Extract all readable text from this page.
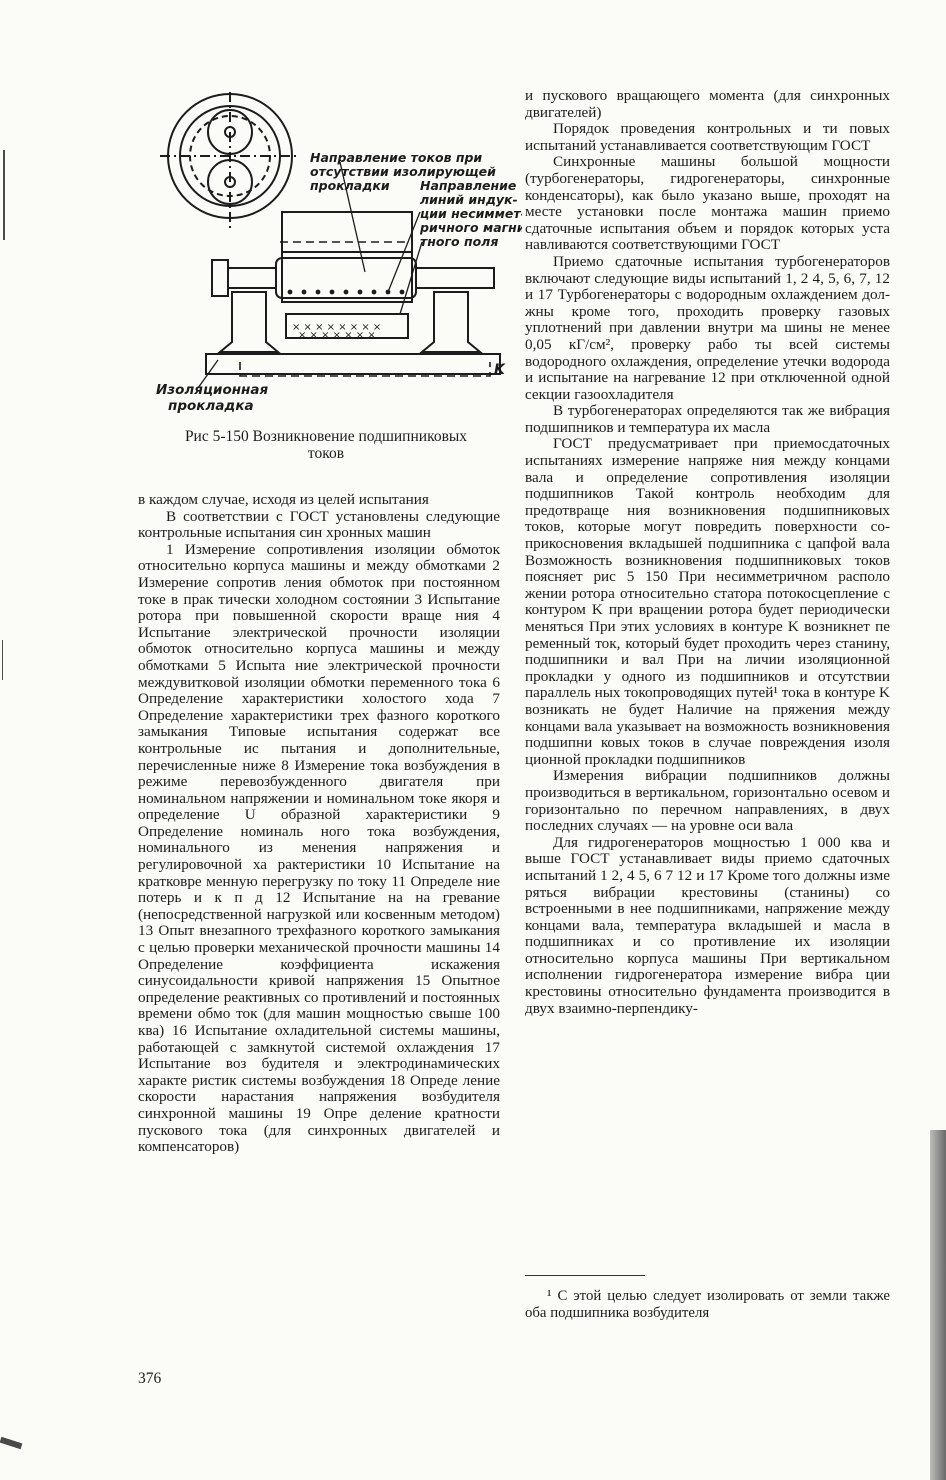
× × × × × × × ×
× × × × × × ×
Направление токов при
отсутствии изолирующей
прокладки Направление
линий индук-
ции несиммет-
ричного магни-
тного поля
Изоляционная
прокладка
K
Рис 5-150 Возникновение подшипниковых
токов

в каждом случае, исходя из целей испытания

В соответствии с ГОСТ установлены следующие контрольные испытания син хронных машин

1 Измерение сопротивления изоляции обмоток относительно корпуса машины и между обмотками 2 Измерение сопротив ления обмоток при постоянном токе в прак тически холодном состоянии 3 Испытание ротора при повышенной скорости враще ния 4 Испытание электрической прочности изоляции обмоток относительно корпуса машины и между обмотками 5 Испыта ние электрической прочности междувитковой изоляции обмотки переменного тока 6 Определение характеристики холостого хода 7 Определение характеристики трех фазного короткого замыкания Типовые испытания содержат все контрольные ис пытания и дополнительные, перечисленные ниже 8 Измерение тока возбуждения в режиме перевозбужденного двигателя при номинальном напряжении и номинальном токе якоря и определение U образной характеристики 9 Определение номиналь ного тока возбуждения, номинального из менения напряжения и регулировочной ха рактеристики 10 Испытание на кратковре менную перегрузку по току 11 Определе ние потерь и к п д 12 Испытание на на гревание (непосредственной нагрузкой или косвенным методом) 13 Опыт внезапного трехфазного короткого замыкания с целью проверки механической прочности машины 14 Определение коэффициента искажения синусоидальности кривой напряжения 15 Опытное определение реактивных со противлений и постоянных времени обмо ток (для машин мощностью свыше 100 ква) 16 Испытание охладительной системы машины, работающей с замкнутой системой охлаждения 17 Испытание воз будителя и электродинамических характе ристик системы возбуждения 18 Опреде ление скорости нарастания напряжения возбудителя синхронной машины 19 Опре деление кратности пускового тока (для синхронных двигателей и компенсаторов)

и пускового вращающего момента (для синхронных двигателей)

Порядок проведения контрольных и ти повых испытаний устанавливается соответствующим ГОСТ

Синхронные машины большой мощности (турбогенераторы, гидрогенераторы, синхронные конденсаторы), как было указано выше, проходят на месте установки после монтажа машин приемо сдаточные испытания объем и порядок которых уста навливаются соответствующими ГОСТ

Приемо сдаточные испытания турбогенераторов включают следующие виды испытаний 1, 2 4, 5, 6, 7, 12 и 17 Турбогенераторы с водородным охлаждением должны кроме того, проходить проверку газовых уплотнений при давлении внутри ма шины не менее 0,05 кГ/см², проверку рабо ты всей системы водородного охлаждения, определение утечки водорода и испытание на нагревание 12 при отключенной одной секции газоохладителя

В турбогенераторах определяются так же вибрация подшипников и температура их масла

ГОСТ предусматривает при приемосдаточных испытаниях измерение напряже ния между концами вала и определение сопротивления изоляции подшипников Такой контроль необходим для предотвраще ния возникновения подшипниковых токов, которые могут повредить поверхности соприкосновения вкладышей подшипника с цапфой вала Возможность возникновения подшипниковых токов поясняет рис 5 150 При несимметричном располо жении ротора относительно статора потокосцепление с контуром K при вращении ротора будет периодически меняться При этих условиях в контуре K возникнет пе ременный ток, который будет проходить через станину, подшипники и вал При на личии изоляционной прокладки у одного из подшипников и отсутствии параллель ных токопроводящих путей¹ тока в контуре K возникать не будет Наличие на пряжения между концами вала указывает на возможность возникновения подшипни ковых токов в случае повреждения изоля ционной прокладки подшипников

Измерения вибрации подшипников должны производиться в вертикальном, горизонтально осевом и горизонтально по перечном направлениях, в двух последних случаях — на уровне оси вала

Для гидрогенераторов мощностью 1 000 ква и выше ГОСТ устанавливает виды приемо сдаточных испытаний 1 2, 4 5, 6 7 12 и 17 Кроме того должны изме ряться вибрации крестовины (станины) со встроенными в нее подшипниками, напряжение между концами вала, температура вкладышей и масла в подшипниках и со противление их изоляции относительно корпуса машины При вертикальном исполнении гидрогенератора измерение вибра ции крестовины относительно фундамента производится в двух взаимно-перпендику-

¹ С этой целью следует изолировать от земли также оба подшипника возбудителя
376
